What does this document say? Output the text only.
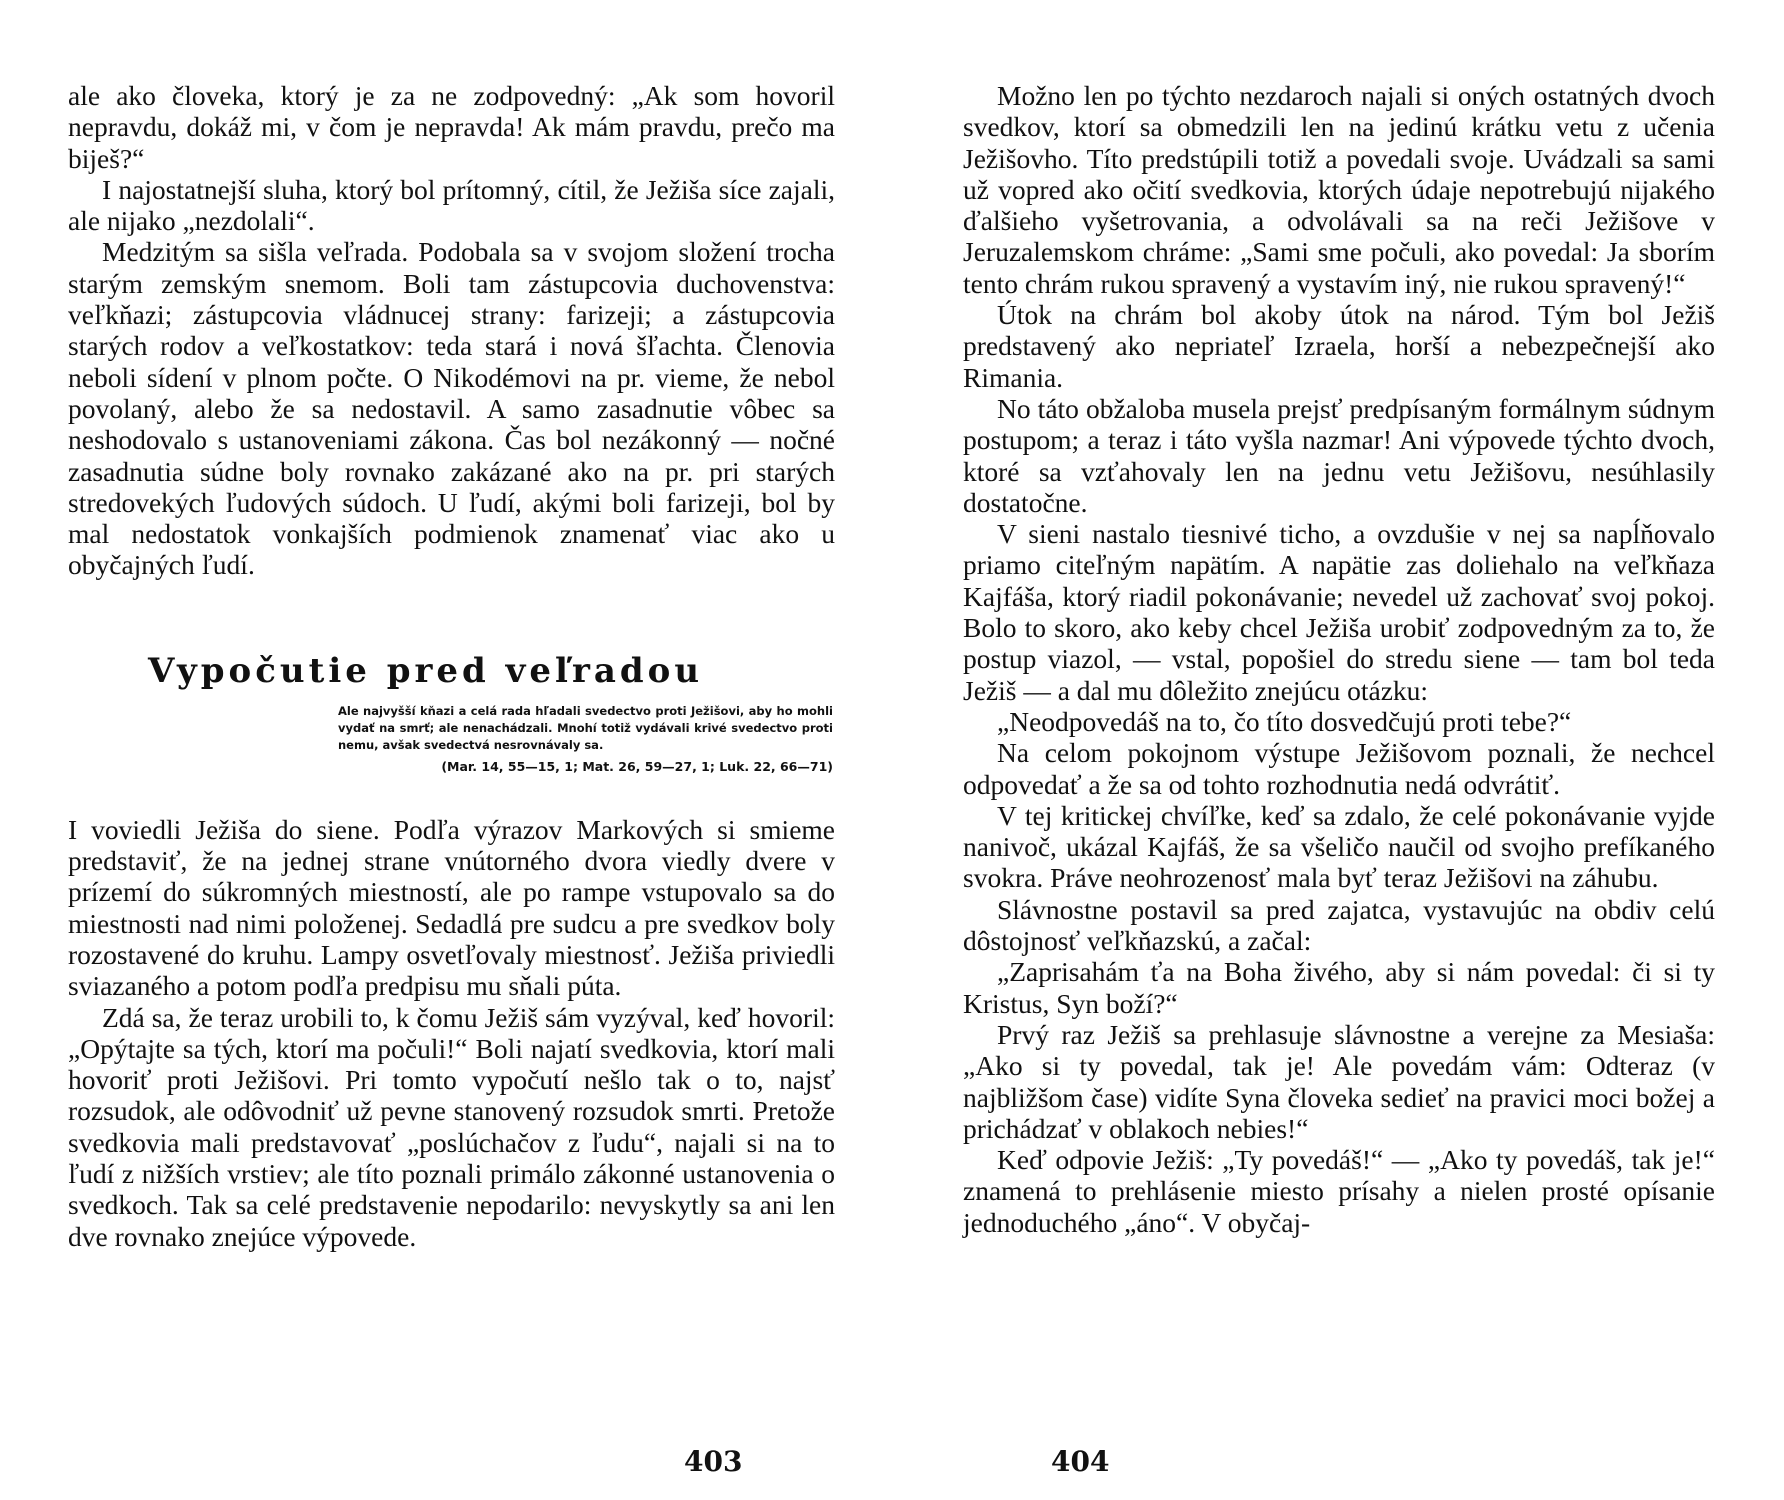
ale ako človeka, ktorý je za ne zodpovedný: „Ak som hovoril nepravdu, dokáž mi, v čom je nepravda! Ak mám pravdu, prečo ma biješ?“

I najostatnejší sluha, ktorý bol prítomný, cítil, že Ježiša síce zajali, ale nijako „nezdolali“.

Medzitým sa sišla veľrada. Podobala sa v svojom složení trocha starým zemským snemom. Boli tam zástupcovia duchovenstva: veľkňazi; zástupcovia vládnucej strany: farizeji; a zástupcovia starých rodov a veľkostatkov: teda stará i nová šľachta. Členovia neboli sídení v plnom počte. O Nikodémovi na pr. vieme, že nebol povolaný, alebo že sa nedostavil. A samo zasadnutie vôbec sa neshodovalo s ustanoveniami zákona. Čas bol nezákonný — nočné zasadnutia súdne boly rovnako zakázané ako na pr. pri starých stredovekých ľudových súdoch. U ľudí, akými boli farizeji, bol by mal nedostatok vonkajších podmienok znamenať viac ako u obyčajných ľudí.

Vypočutie pred veľradou

Ale najvyšší kňazi a celá rada hľadali svedectvo proti Ježišovi, aby ho mohli vydať na smrť; ale nenachádzali. Mnohí totiž vydávali krivé svedectvo proti nemu, avšak svedectvá nesrovnávaly sa.

(Mar. 14, 55—15, 1; Mat. 26, 59—27, 1; Luk. 22, 66—71)

I voviedli Ježiša do siene. Podľa výrazov Markových si smieme predstaviť, že na jednej strane vnútorného dvora viedly dvere v prízemí do súkromných miestností, ale po rampe vstupovalo sa do miestnosti nad nimi položenej. Sedadlá pre sudcu a pre svedkov boly rozostavené do kruhu. Lampy osvetľovaly miestnosť. Ježiša priviedli sviazaného a potom podľa predpisu mu sňali púta.

Zdá sa, že teraz urobili to, k čomu Ježiš sám vyzýval, keď hovoril: „Opýtajte sa tých, ktorí ma počuli!“ Boli najatí svedkovia, ktorí mali hovoriť proti Ježišovi. Pri tomto vypočutí nešlo tak o to, najsť rozsudok, ale odôvodniť už pevne stanovený rozsudok smrti. Pretože svedkovia mali predstavovať „poslúchačov z ľudu“, najali si na to ľudí z nižších vrstiev; ale títo poznali primálo zákonné ustanovenia o svedkoch. Tak sa celé predstavenie nepodarilo: nevyskytly sa ani len dve rovnako znejúce výpovede.

Možno len po týchto nezdaroch najali si oných ostatných dvoch svedkov, ktorí sa obmedzili len na jedinú krátku vetu z učenia Ježišovho. Títo predstúpili totiž a povedali svoje. Uvádzali sa sami už vopred ako očití svedkovia, ktorých údaje nepotrebujú nijakého ďalšieho vyšetrovania, a odvolávali sa na reči Ježišove v Jeruzalemskom chráme: „Sami sme počuli, ako povedal: Ja sborím tento chrám rukou spravený a vystavím iný, nie rukou spravený!“

Útok na chrám bol akoby útok na národ. Tým bol Ježiš predstavený ako nepriateľ Izraela, horší a nebezpečnejší ako Rimania.

No táto obžaloba musela prejsť predpísaným formálnym súdnym postupom; a teraz i táto vyšla nazmar! Ani výpovede týchto dvoch, ktoré sa vzťahovaly len na jednu vetu Ježišovu, nesúhlasily dostatočne.

V sieni nastalo tiesnivé ticho, a ovzdušie v nej sa napĺňovalo priamo citeľným napätím. A napätie zas doliehalo na veľkňaza Kajfáša, ktorý riadil pokonávanie; nevedel už zachovať svoj pokoj. Bolo to skoro, ako keby chcel Ježiša urobiť zodpovedným za to, že postup viazol, — vstal, popošiel do stredu siene — tam bol teda Ježiš — a dal mu dôležito znejúcu otázku:

„Neodpovedáš na to, čo títo dosvedčujú proti tebe?“

Na celom pokojnom výstupe Ježišovom poznali, že nechcel odpovedať a že sa od tohto rozhodnutia nedá odvrátiť.

V tej kritickej chvíľke, keď sa zdalo, že celé pokonávanie vyjde nanivoč, ukázal Kajfáš, že sa všeličo naučil od svojho prefíkaného svokra. Práve neohrozenosť mala byť teraz Ježišovi na záhubu.

Slávnostne postavil sa pred zajatca, vystavujúc na obdiv celú dôstojnosť veľkňazskú, a začal:

„Zaprisahám ťa na Boha živého, aby si nám povedal: či si ty Kristus, Syn boží?“

Prvý raz Ježiš sa prehlasuje slávnostne a verejne za Mesiaša: „Ako si ty povedal, tak je! Ale povedám vám: Odteraz (v najbližšom čase) vidíte Syna človeka sedieť na pravici moci božej a prichádzať v oblakoch nebies!“

Keď odpovie Ježiš: „Ty povedáš!“ — „Ako ty povedáš, tak je!“ znamená to prehlásenie miesto prísahy a nielen prosté opísanie jednoduchého „áno“. V obyčaj-

403	404
